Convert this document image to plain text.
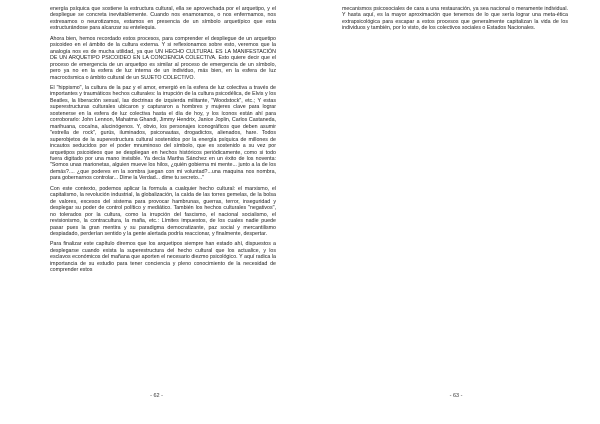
energía psíquica que sostiene la estructura cultural, ella se aprovechada por el arquetipo, y el despliegue se concreta inevitablemente. Cuando nos enamoramos, o nos enfermamos, nos estresamos o neurotizamos, estamos en presencia de un símbolo arquetípico que esta estructurándose para alcanzar su entelequia.

Ahora bien, hemos recordado estos procesos, para comprender el despliegue de un arquetipo psicoideo en el ámbito de la cultura externa. Y si reflexionamos sobre esto, veremos que la analogía nos es de mucha utilidad, ya que UN HECHO CULTURAL ES LA MANIFESTACIÓN DE UN ARQUETIPO PSICOIDEO EN LA CONCIENCIA COLECTIVA. Esto quiere decir que el proceso de emergencia de un arquetipo es similar al proceso de emergencia de un símbolo, pero ya no en la esfera de luz interna de un individuo, más bien, en la esfera de luz macrocósmica o ámbito cultural de un SUJETO COLECTIVO.

El "hippismo", la cultura de la paz y el amor, emergió en la esfera de luz colectiva a través de importantes y traumáticos hechos culturales: la irrupción de la cultura psicodélica, de Elvis y los Beatles, la liberación sexual, las doctrinas de izquierda militante, "Woodstock", etc.; Y estas superestructuras culturales ubicaron y capturaron a hombres y mujeres clave para lograr sostenerse en la esfera de luz colectiva hasta el día de hoy, y los íconos están ahí para corroborarlo: John Lennon, Mahatma Ghandi, Jimmy Hendrix, Janice Joplin, Carlos Castaneda, marihuana, cocaína, alucinógenos. Y, obvio, los personajes iconográficos que deben asumir "estrella de rock", gurús, iluminados, psiconautas, drogadictos, alienados, hare. Todos superobjetos de la superestructura cultural sostenidos por la energía psíquica de millones de incautos seducidos por el poder mnuminoso del símbolo, que es sostenido a su vez por arquetipos psicoideos que se despliegan en hechos históricos periódicamente, como si todo fuera digitado por una mano invisible. Ya decía Martha Sánchez en un éxito de los noventa: "Somos unas marionetas, alguien mueve los hilos, ¿quién gobierna mi mente... junto a la de los demás?.... ¿que poderes en la sombra juegan con mi voluntad?...una maquina nos nombra, para gobernarnos controlar... Dime la Verdad... dime tu secreto..."

Con este contexto, podemos aplicar la formula a cualquier hecho cultural: el marxismo, el capitalismo, la revolución industrial, la globalización, la caída de las torres gemelas, de la bolsa de valores, excesos del sistema para provocar hambrunas, guerras, terror, inseguridad y desplegar su poder de control político y mediático. También los hechos culturales "negativos", no tolerados por la cultura, como la irrupción del fascismo, el nacional socialismo, el revisionismo, la contracultura, la mafia, etc.: Límites impuestos, de los cuales nadie puede pasar pues la gran mentira y su paradigma democratizante, paz social y mercantilismo despiadado, perderían sentido y la gente alertada podría reaccionar, y finalmente, despertar.

Para finalizar este capítulo diremos que los arquetipos siempre han estado ahí, dispuestos a desplegarse cuando exista la superestructura del hecho cultural que los actualice, y los esclavos económicos del mañana que aporten el necesario diezmo psicológico. Y aquí radica la importancia de su estudio para tener conciencia y pleno conocimiento de la necesidad de comprender estos

- 62 -

mecanismos psicosociales de cara a una restauración, ya sea nacional o meramente individual. Y hasta aquí, es la mayor aproximación que tenemos de lo que sería lograr una meta-ética extrapsicológica para escapar a estos procesos que generalmente capitalizan la vida de los individuos y también, por lo visto, de los colectivos sociales o Estados Nacionales.

- 63 -
